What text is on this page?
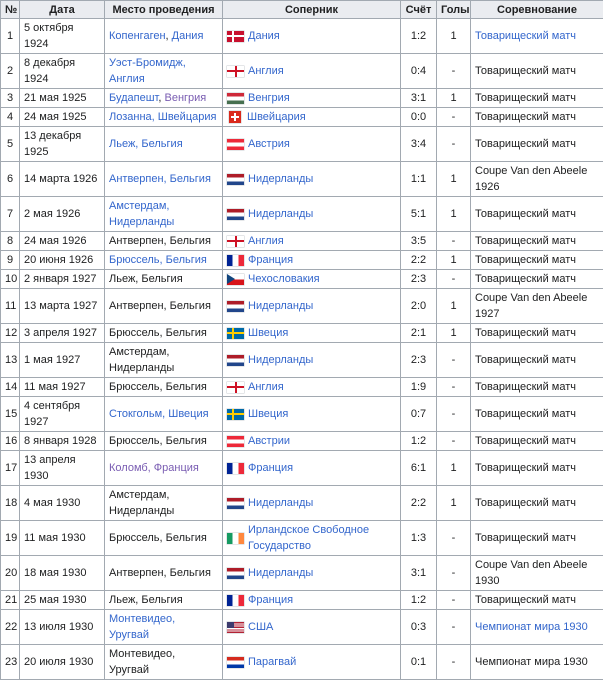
№	Дата	Место проведения	Соперник	Счёт	Голы	Соревнование
1	5 октября 1924	Копенгаген, Дания	Дания	1:2	1	Товарищеский матч
2	8 декабря 1924	Уэст-Бромидж, Англия	Англия	0:4	-	Товарищеский матч
3	21 мая 1925	Будапешт, Венгрия	Венгрия	3:1	1	Товарищеский матч
4	24 мая 1925	Лозанна, Швейцария	Швейцария	0:0	-	Товарищеский матч
5	13 декабря 1925	Льеж, Бельгия	Австрия	3:4	-	Товарищеский матч
6	14 марта 1926	Антверпен, Бельгия	Нидерланды	1:1	1	Coupe Van den Abeele 1926
7	2 мая 1926	Амстердам, Нидерланды	Нидерланды	5:1	1	Товарищеский матч
8	24 мая 1926	Антверпен, Бельгия	Англия	3:5	-	Товарищеский матч
9	20 июня 1926	Брюссель, Бельгия	Франция	2:2	1	Товарищеский матч
10	2 января 1927	Льеж, Бельгия	Чехословакия	2:3	-	Товарищеский матч
11	13 марта 1927	Антверпен, Бельгия	Нидерланды	2:0	1	Coupe Van den Abeele 1927
12	3 апреля 1927	Брюссель, Бельгия	Швеция	2:1	1	Товарищеский матч
13	1 мая 1927	Амстердам, Нидерланды	Нидерланды	2:3	-	Товарищеский матч
14	11 мая 1927	Брюссель, Бельгия	Англия	1:9	-	Товарищеский матч
15	4 сентября 1927	Стокгольм, Швеция	Швеция	0:7	-	Товарищеский матч
16	8 января 1928	Брюссель, Бельгия	Австрии	1:2	-	Товарищеский матч
17	13 апреля 1930	Коломб, Франция	Франция	6:1	1	Товарищеский матч
18	4 мая 1930	Амстердам, Нидерланды	Нидерланды	2:2	1	Товарищеский матч
19	11 мая 1930	Брюссель, Бельгия	Ирландское Свободное Государство	1:3	-	Товарищеский матч
20	18 мая 1930	Антверпен, Бельгия	Нидерланды	3:1	-	Coupe Van den Abeele 1930
21	25 мая 1930	Льеж, Бельгия	Франция	1:2	-	Товарищеский матч
22	13 июля 1930	Монтевидео, Уругвай	США	0:3	-	Чемпионат мира 1930
23	20 июля 1930	Монтевидео, Уругвай	Парагвай	0:1	-	Чемпионат мира 1930
